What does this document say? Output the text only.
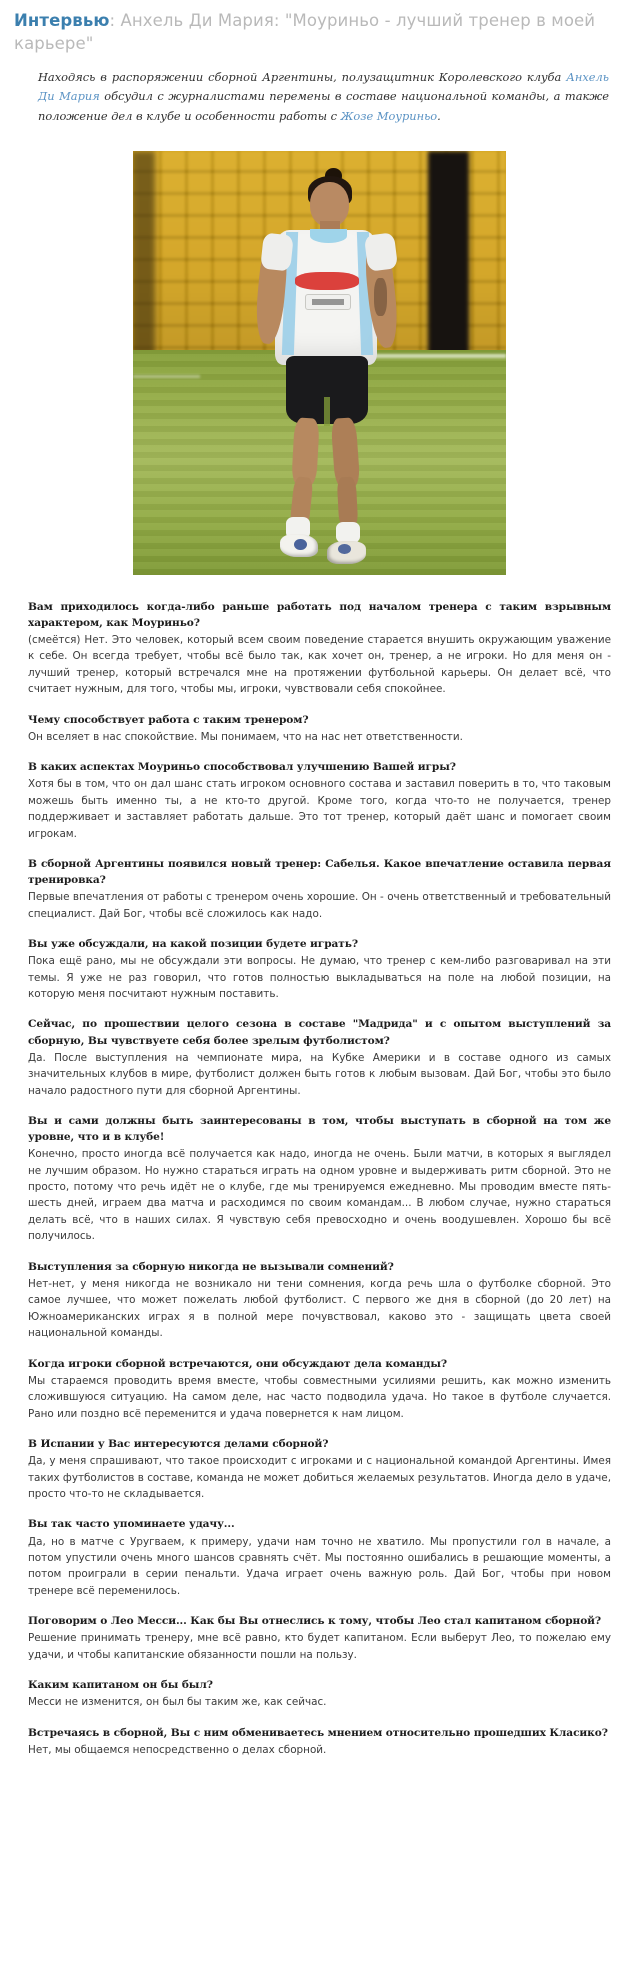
Интервью: Анхель Ди Мария: "Моуриньо - лучший тренер в моей карьере"

Находясь в распоряжении сборной Аргентины, полузащитник Королевского клуба Анхель Ди Мария обсудил с журналистами перемены в составе национальной команды, а также положение дел в клубе и особенности работы с Жозе Моуриньо.

Вам приходилось когда-либо раньше работать под началом тренера с таким взрывным характером, как Моуриньо?

(смеётся) Нет. Это человек, который всем своим поведение старается внушить окружающим уважение к себе. Он всегда требует, чтобы всё было так, как хочет он, тренер, а не игроки. Но для меня он - лучший тренер, который встречался мне на протяжении футбольной карьеры. Он делает всё, что считает нужным, для того, чтобы мы, игроки, чувствовали себя спокойнее.

Чему способствует работа с таким тренером?

Он вселяет в нас спокойствие. Мы понимаем, что на нас нет ответственности.

В каких аспектах Моуриньо способствовал улучшению Вашей игры?

Хотя бы в том, что он дал шанс стать игроком основного состава и заставил поверить в то, что таковым можешь быть именно ты, а не кто-то другой. Кроме того, когда что-то не получается, тренер поддерживает и заставляет работать дальше. Это тот тренер, который даёт шанс и помогает своим игрокам.

В сборной Аргентины появился новый тренер: Сабелья. Какое впечатление оставила первая тренировка?

Первые впечатления от работы с тренером очень хорошие. Он - очень ответственный и требовательный специалист. Дай Бог, чтобы всё сложилось как надо.

Вы уже обсуждали, на какой позиции будете играть?

Пока ещё рано, мы не обсуждали эти вопросы. Не думаю, что тренер с кем-либо разговаривал на эти темы. Я уже не раз говорил, что готов полностью выкладываться на поле на любой позиции, на которую меня посчитают нужным поставить.

Сейчас, по прошествии целого сезона в составе "Мадрида" и с опытом выступлений за сборную, Вы чувствуете себя более зрелым футболистом?

Да. После выступления на чемпионате мира, на Кубке Америки и в составе одного из самых значительных клубов в мире, футболист должен быть готов к любым вызовам. Дай Бог, чтобы это было начало радостного пути для сборной Аргентины.

Вы и сами должны быть заинтересованы в том, чтобы выступать в сборной на том же уровне, что и в клубе!

Конечно, просто иногда всё получается как надо, иногда не очень. Были матчи, в которых я выглядел не лучшим образом. Но нужно стараться играть на одном уровне и выдерживать ритм сборной. Это не просто, потому что речь идёт не о клубе, где мы тренируемся ежедневно. Мы проводим вместе пять-шесть дней, играем два матча и расходимся по своим командам... В любом случае, нужно стараться делать всё, что в наших силах. Я чувствую себя превосходно и очень воодушевлен. Хорошо бы всё получилось.

Выступления за сборную никогда не вызывали сомнений?

Нет-нет, у меня никогда не возникало ни тени сомнения, когда речь шла о футболке сборной. Это самое лучшее, что может пожелать любой футболист. С первого же дня в сборной (до 20 лет) на Южноамериканских играх я в полной мере почувствовал, каково это - защищать цвета своей национальной команды.

Когда игроки сборной встречаются, они обсуждают дела команды?

Мы стараемся проводить время вместе, чтобы совместными усилиями решить, как можно изменить сложившуюся ситуацию. На самом деле, нас часто подводила удача. Но такое в футболе случается. Рано или поздно всё переменится и удача повернется к нам лицом.

В Испании у Вас интересуются делами сборной?

Да, у меня спрашивают, что такое происходит с игроками и с национальной командой Аргентины. Имея таких футболистов в составе, команда не может добиться желаемых результатов. Иногда дело в удаче, просто что-то не складывается.

Вы так часто упоминаете удачу...

Да, но в матче с Уругваем, к примеру, удачи нам точно не хватило. Мы пропустили гол в начале, а потом упустили очень много шансов сравнять счёт. Мы постоянно ошибались в решающие моменты, а потом проиграли в серии пенальти. Удача играет очень важную роль. Дай Бог, чтобы при новом тренере всё переменилось.

Поговорим о Лео Месси... Как бы Вы отнеслись к тому, чтобы Лео стал капитаном сборной?

Решение принимать тренеру, мне всё равно, кто будет капитаном. Если выберут Лео, то пожелаю ему удачи, и чтобы капитанские обязанности пошли на пользу.

Каким капитаном он бы был?

Месси не изменится, он был бы таким же, как сейчас.

Встречаясь в сборной, Вы с ним обмениваетесь мнением относительно прошедших Класико?

Нет, мы общаемся непосредственно о делах сборной.
